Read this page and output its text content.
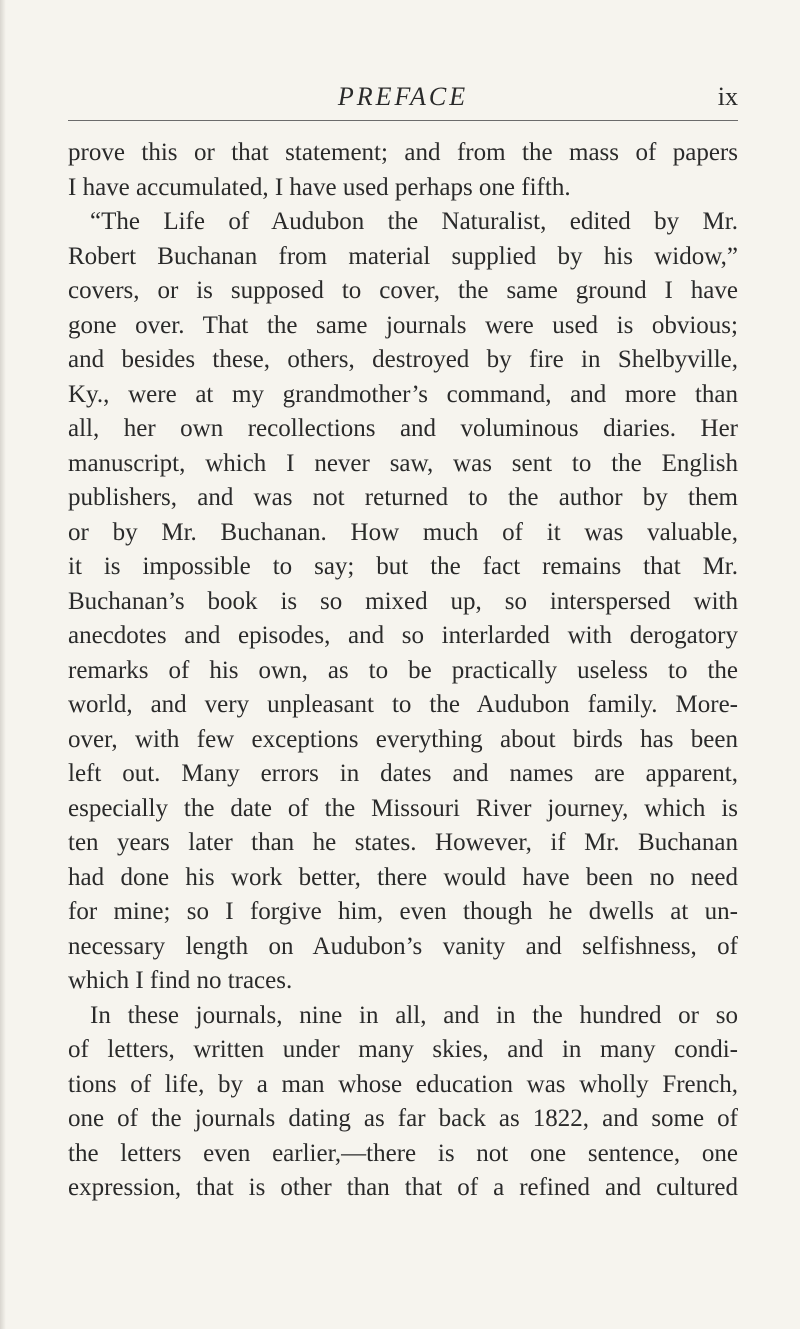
PREFACE	ix
prove this or that statement; and from the mass of papers
I have accumulated, I have used perhaps one fifth.
“The Life of Audubon the Naturalist, edited by Mr.
Robert Buchanan from material supplied by his widow,”
covers, or is supposed to cover, the same ground I have
gone over. That the same journals were used is obvious;
and besides these, others, destroyed by fire in Shelbyville,
Ky., were at my grandmother’s command, and more than
all, her own recollections and voluminous diaries. Her
manuscript, which I never saw, was sent to the English
publishers, and was not returned to the author by them
or by Mr. Buchanan. How much of it was valuable,
it is impossible to say; but the fact remains that Mr.
Buchanan’s book is so mixed up, so interspersed with
anecdotes and episodes, and so interlarded with derogatory
remarks of his own, as to be practically useless to the
world, and very unpleasant to the Audubon family. More-
over, with few exceptions everything about birds has been
left out. Many errors in dates and names are apparent,
especially the date of the Missouri River journey, which is
ten years later than he states. However, if Mr. Buchanan
had done his work better, there would have been no need
for mine; so I forgive him, even though he dwells at un-
necessary length on Audubon’s vanity and selfishness, of
which I find no traces.
In these journals, nine in all, and in the hundred or so
of letters, written under many skies, and in many condi-
tions of life, by a man whose education was wholly French,
one of the journals dating as far back as 1822, and some of
the letters even earlier,—there is not one sentence, one
expression, that is other than that of a refined and cultured
